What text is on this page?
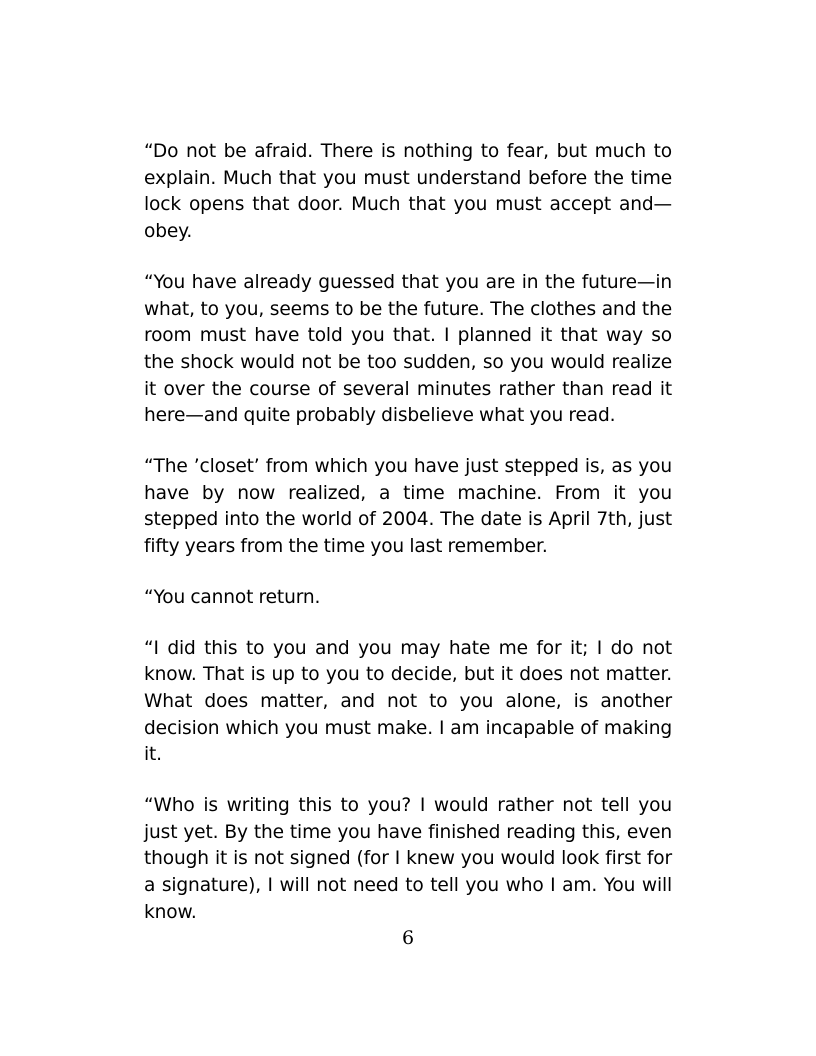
“Do not be afraid. There is nothing to fear, but much to explain. Much that you must understand before the time lock opens that door. Much that you must accept and—obey.

“You have already guessed that you are in the future—in what, to you, seems to be the future. The clothes and the room must have told you that. I planned it that way so the shock would not be too sudden, so you would realize it over the course of several minutes rather than read it here—and quite probably disbelieve what you read.

“The ’closet’ from which you have just stepped is, as you have by now realized, a time machine. From it you stepped into the world of 2004. The date is April 7th, just fifty years from the time you last remember.

“You cannot return.

“I did this to you and you may hate me for it; I do not know. That is up to you to decide, but it does not matter. What does matter, and not to you alone, is another decision which you must make. I am incapable of making it.

“Who is writing this to you? I would rather not tell you just yet. By the time you have finished reading this, even though it is not signed (for I knew you would look first for a signature), I will not need to tell you who I am. You will know.

6
